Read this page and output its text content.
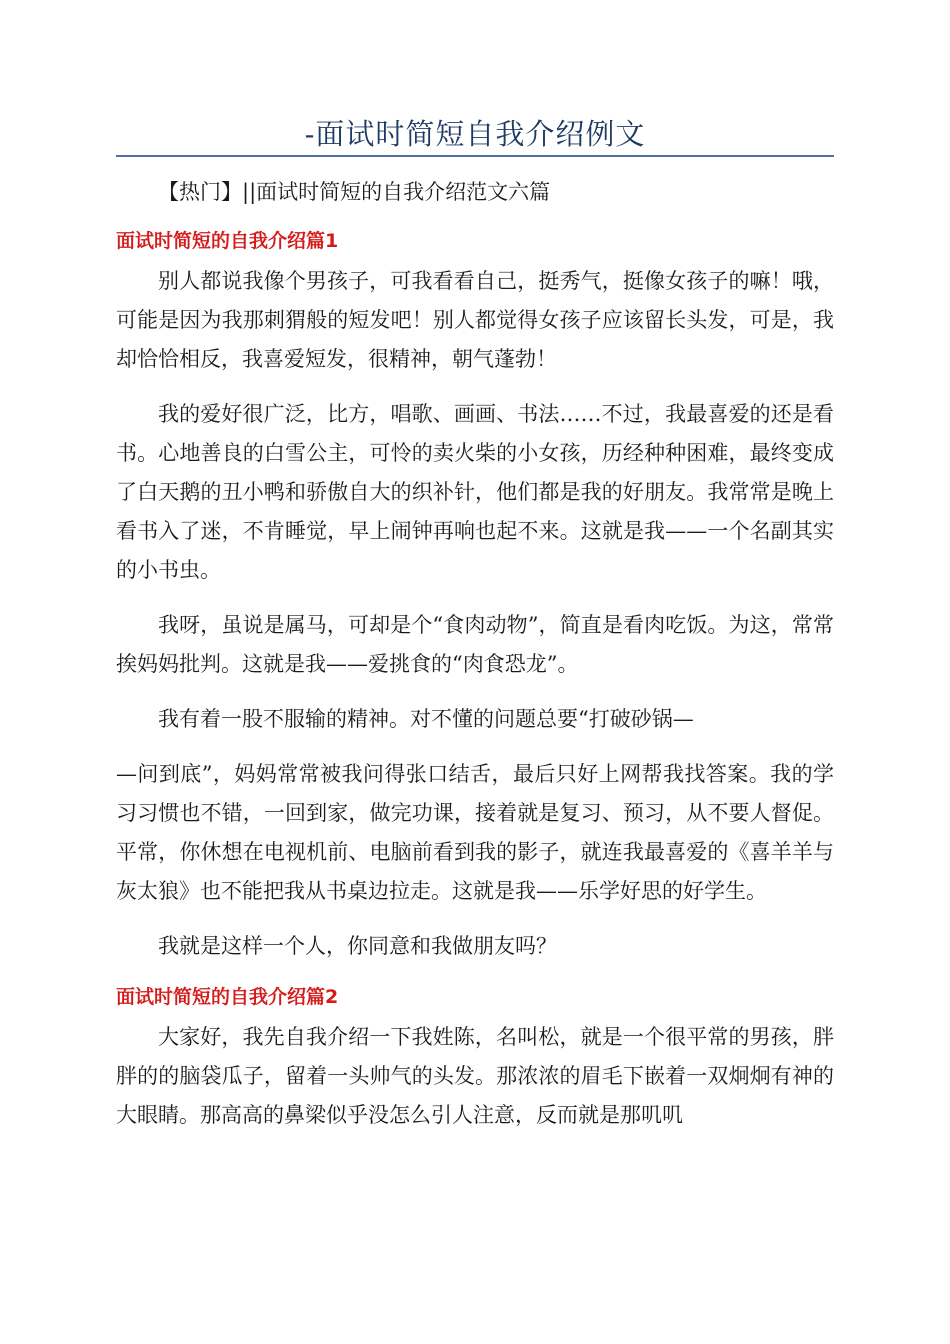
-面试时简短自我介绍例文

【热门】||面试时简短的自我介绍范文六篇

面试时简短的自我介绍篇1

别人都说我像个男孩子，可我看看自己，挺秀气，挺像女孩子的嘛！哦，可能是因为我那刺猬般的短发吧！别人都觉得女孩子应该留长头发，可是，我却恰恰相反，我喜爱短发，很精神，朝气蓬勃！

我的爱好很广泛，比方，唱歌、画画、书法……不过，我最喜爱的还是看书。心地善良的白雪公主，可怜的卖火柴的小女孩，历经种种困难，最终变成了白天鹅的丑小鸭和骄傲自大的织补针，他们都是我的好朋友。我常常是晚上看书入了迷，不肯睡觉，早上闹钟再响也起不来。这就是我——一个名副其实的小书虫。

我呀，虽说是属马，可却是个“食肉动物”，简直是看肉吃饭。为这，常常挨妈妈批判。这就是我——爱挑食的“肉食恐龙”。

我有着一股不服输的精神。对不懂的问题总要“打破砂锅—

—问到底”，妈妈常常被我问得张口结舌，最后只好上网帮我找答案。我的学习习惯也不错，一回到家，做完功课，接着就是复习、预习，从不要人督促。平常，你休想在电视机前、电脑前看到我的影子，就连我最喜爱的《喜羊羊与灰太狼》也不能把我从书桌边拉走。这就是我——乐学好思的好学生。

我就是这样一个人，你同意和我做朋友吗？

面试时简短的自我介绍篇2

大家好，我先自我介绍一下我姓陈，名叫松，就是一个很平常的男孩，胖胖的的脑袋瓜子，留着一头帅气的头发。那浓浓的眉毛下嵌着一双炯炯有神的大眼睛。那高高的鼻梁似乎没怎么引人注意，反而就是那叽叽
